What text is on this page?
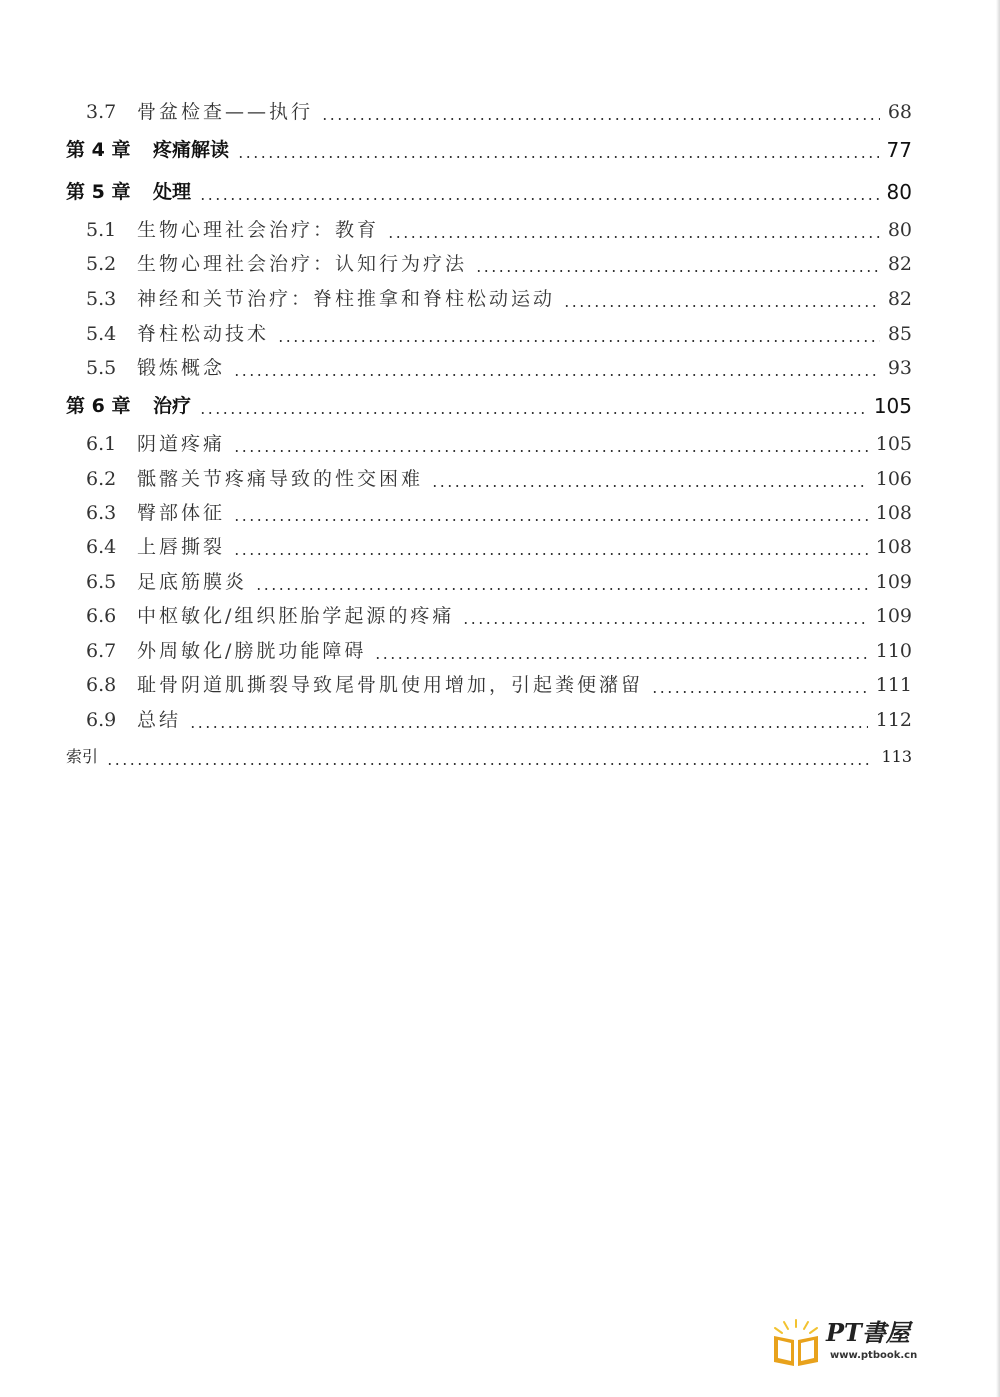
3.7 骨盆检查——执行	68
第 4 章 疼痛解读	77
第 5 章 处理	80
5.1 生物心理社会治疗：教育	80
5.2 生物心理社会治疗：认知行为疗法	82
5.3 神经和关节治疗：脊柱推拿和脊柱松动运动	82
5.4 脊柱松动技术	85
5.5 锻炼概念	93
第 6 章 治疗	105
6.1 阴道疼痛	105
6.2 骶髂关节疼痛导致的性交困难	106
6.3 臀部体征	108
6.4 上唇撕裂	108
6.5 足底筋膜炎	109
6.6 中枢敏化/组织胚胎学起源的疼痛	109
6.7 外周敏化/膀胱功能障碍	110
6.8 耻骨阴道肌撕裂导致尾骨肌使用增加，引起粪便潴留	111
6.9 总结	112
索引	113
PT書屋
www.ptbook.cn
